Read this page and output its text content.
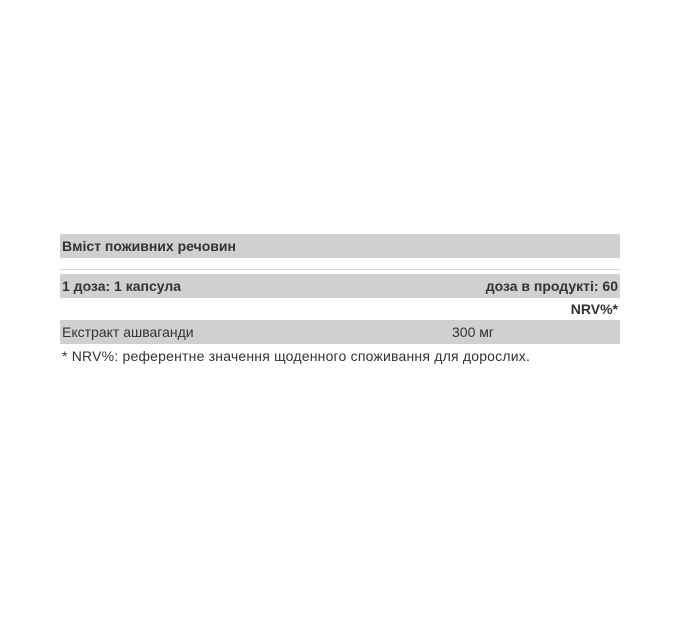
Вміст поживних речовин
1 доза: 1 капсула	доза в продукті: 60
NRV%*
Екстракт ашваганди	300 мг
* NRV%: референтне значення щоденного споживання для дорослих.
